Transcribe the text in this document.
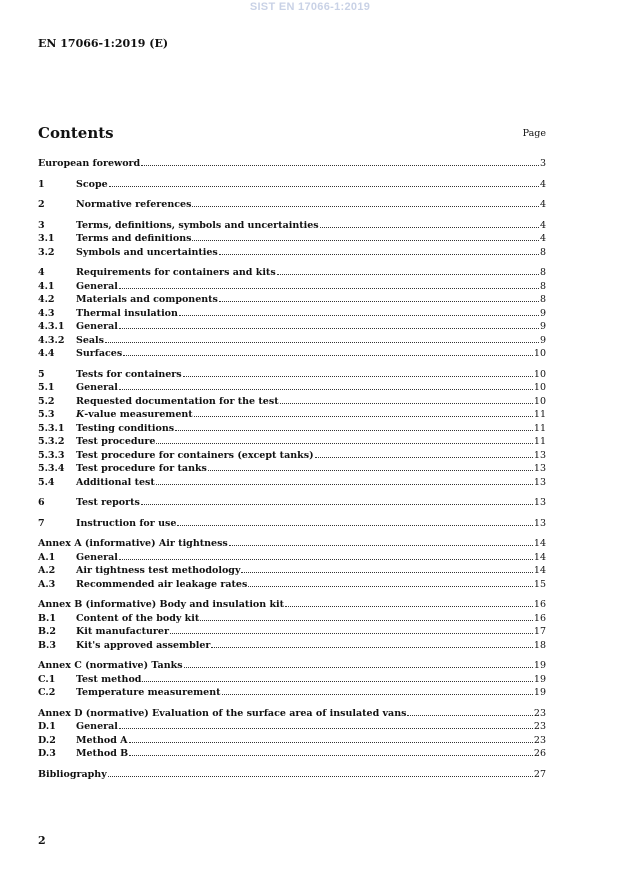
SIST EN 17066-1:2019
EN 17066-1:2019 (E)
Contents	Page
European foreword	3
1	Scope	4
2	Normative references	4
3	Terms, definitions, symbols and uncertainties	4
3.1	Terms and definitions	4
3.2	Symbols and uncertainties	8
4	Requirements for containers and kits	8
4.1	General	8
4.2	Materials and components	8
4.3	Thermal insulation	9
4.3.1	General	9
4.3.2	Seals	9
4.4	Surfaces	10
5	Tests for containers	10
5.1	General	10
5.2	Requested documentation for the test	10
5.3	K-value measurement	11
5.3.1	Testing conditions	11
5.3.2	Test procedure	11
5.3.3	Test procedure for containers (except tanks)	13
5.3.4	Test procedure for tanks	13
5.4	Additional test	13
6	Test reports	13
7	Instruction for use	13
Annex A (informative) Air tightness	14
A.1	General	14
A.2	Air tightness test methodology	14
A.3	Recommended air leakage rates	15
Annex B (informative) Body and insulation kit	16
B.1	Content of the body kit	16
B.2	Kit manufacturer	17
B.3	Kit's approved assembler	18
Annex C (normative) Tanks	19
C.1	Test method	19
C.2	Temperature measurement	19
Annex D (normative) Evaluation of the surface area of insulated vans	23
D.1	General	23
D.2	Method A	23
D.3	Method B	26
Bibliography	27
2
